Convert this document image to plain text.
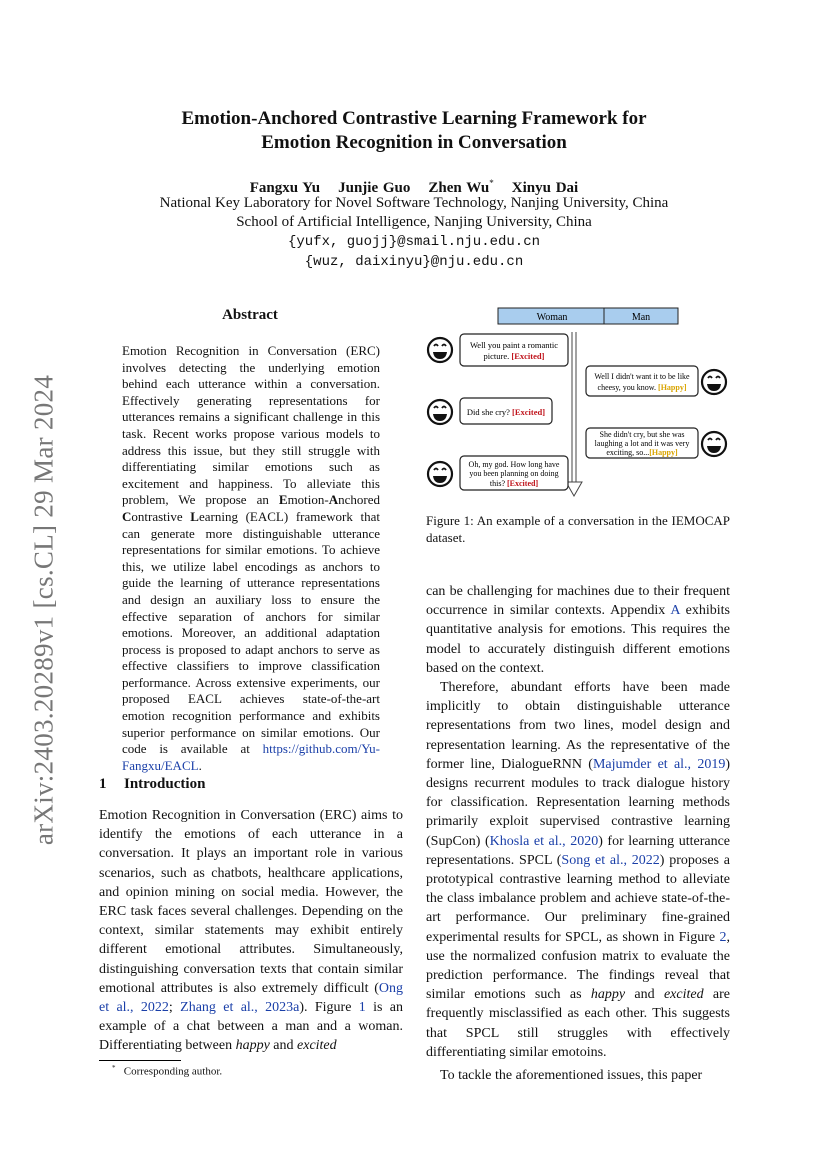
arXiv:2403.20289v1 [cs.CL] 29 Mar 2024
Emotion-Anchored Contrastive Learning Framework for
Emotion Recognition in Conversation
Fangxu Yu Junjie Guo Zhen Wu* Xinyu Dai
National Key Laboratory for Novel Software Technology, Nanjing University, China
School of Artificial Intelligence, Nanjing University, China
{yufx, guojj}@smail.nju.edu.cn
{wuz, daixinyu}@nju.edu.cn
Abstract
Emotion Recognition in Conversation (ERC) involves detecting the underlying emotion behind each utterance within a conversation. Effectively generating representations for utterances remains a significant challenge in this task. Recent works propose various models to address this issue, but they still struggle with differentiating similar emotions such as excitement and happiness. To alleviate this problem, We propose an Emotion-Anchored Contrastive Learning (EACL) framework that can generate more distinguishable utterance representations for similar emotions. To achieve this, we utilize label encodings as anchors to guide the learning of utterance representations and design an auxiliary loss to ensure the effective separation of anchors for similar emotions. Moreover, an additional adaptation process is proposed to adapt anchors to serve as effective classifiers to improve classification performance. Across extensive experiments, our proposed EACL achieves state-of-the-art emotion recognition performance and exhibits superior performance on similar emotions. Our code is available at https://github.com/Yu-Fangxu/EACL.
1 Introduction

Emotion Recognition in Conversation (ERC) aims to identify the emotions of each utterance in a conversation. It plays an important role in various scenarios, such as chatbots, healthcare applications, and opinion mining on social media. However, the ERC task faces several challenges. Depending on the context, similar statements may exhibit entirely different emotional attributes. Simultaneously, distinguishing conversation texts that contain similar emotional attributes is also extremely difficult (Ong et al., 2022; Zhang et al., 2023a). Figure 1 is an example of a chat between a man and a woman. Differentiating between happy and excited

* Corresponding author.
Woman	Man
Well you paint a romantic
picture. [Excited]
Well I didn't want it to be like
cheesy, you know. [Happy]
Did she cry? [Excited]
She didn't cry, but she was
laughing a lot and it was very
exciting, so...[Happy]
Oh, my god. How long have
you been planning on doing
this? [Excited]
Figure 1: An example of a conversation in the IEMOCAP dataset.

can be challenging for machines due to their frequent occurrence in similar contexts. Appendix A exhibits quantitative analysis for emotions. This requires the model to accurately distinguish different emotions based on the context.

Therefore, abundant efforts have been made implicitly to obtain distinguishable utterance representations from two lines, model design and representation learning. As the representative of the former line, DialogueRNN (Majumder et al., 2019) designs recurrent modules to track dialogue history for classification. Representation learning methods primarily exploit supervised contrastive learning (SupCon) (Khosla et al., 2020) for learning utterance representations. SPCL (Song et al., 2022) proposes a prototypical contrastive learning method to alleviate the class imbalance problem and achieve state-of-the-art performance. Our preliminary fine-grained experimental results for SPCL, as shown in Figure 2, use the normalized confusion matrix to evaluate the prediction performance. The findings reveal that similar emotions such as happy and excited are frequently misclassified as each other. This suggests that SPCL still struggles with effectively differentiating similar emotoins.

To tackle the aforementioned issues, this paper
